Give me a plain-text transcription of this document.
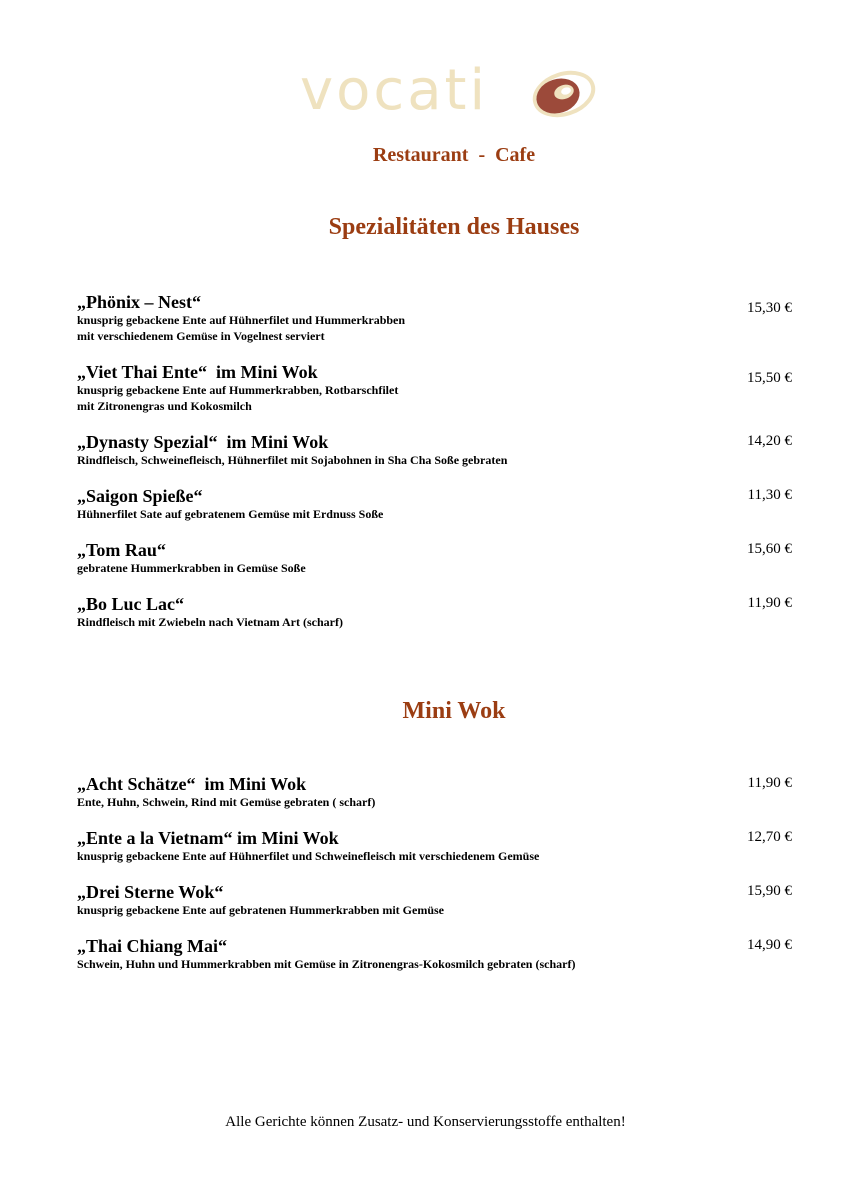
vocati
Restaurant  -  Cafe
Spezialitäten des Hauses
„Phönix – Nest“
knusprig gebackene Ente auf Hühnerfilet und Hummerkrabben
mit verschiedenem Gemüse in Vogelnest serviert
15,30 €
„Viet Thai Ente“  im Mini Wok
knusprig gebackene Ente auf Hummerkrabben, Rotbarschfilet
mit Zitronengras und Kokosmilch
15,50 €
„Dynasty Spezial“  im Mini Wok
Rindfleisch, Schweinefleisch, Hühnerfilet mit Sojabohnen in Sha Cha Soße gebraten
14,20 €
„Saigon Spieße“
Hühnerfilet Sate auf gebratenem Gemüse mit Erdnuss Soße
11,30 €
„Tom Rau“
gebratene Hummerkrabben in Gemüse Soße
15,60 €
„Bo Luc Lac“
Rindfleisch mit Zwiebeln nach Vietnam Art (scharf)
11,90 €
Mini Wok
„Acht Schätze“  im Mini Wok
Ente, Huhn, Schwein, Rind mit Gemüse gebraten ( scharf)
11,90 €
„Ente a la Vietnam“ im Mini Wok
knusprig gebackene Ente auf Hühnerfilet und Schweinefleisch mit verschiedenem Gemüse
12,70 €
„Drei Sterne Wok“
knusprig gebackene Ente auf gebratenen Hummerkrabben mit Gemüse
15,90 €
„Thai Chiang Mai“
Schwein, Huhn und Hummerkrabben mit Gemüse in Zitronengras-Kokosmilch gebraten (scharf)
14,90 €
Alle Gerichte können Zusatz- und Konservierungsstoffe enthalten!
